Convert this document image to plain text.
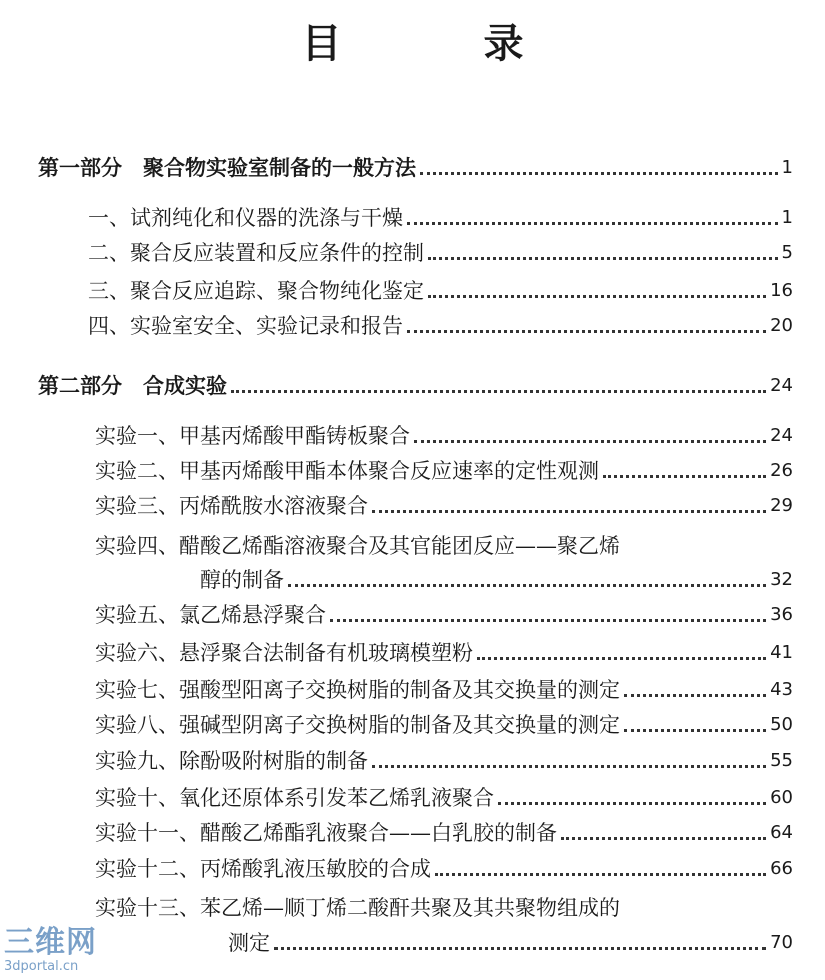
目 录
第一部分　聚合物实验室制备的一般方法	1
一、试剂纯化和仪器的洗涤与干燥	1
二、聚合反应装置和反应条件的控制	5
三、聚合反应追踪、聚合物纯化鉴定	16
四、实验室安全、实验记录和报告	20
第二部分　合成实验	24
实验一、甲基丙烯酸甲酯铸板聚合	24
实验二、甲基丙烯酸甲酯本体聚合反应速率的定性观测	26
实验三、丙烯酰胺水溶液聚合	29
实验四、醋酸乙烯酯溶液聚合及其官能团反应——聚乙烯
醇的制备	32
实验五、氯乙烯悬浮聚合	36
实验六、悬浮聚合法制备有机玻璃模塑粉	41
实验七、强酸型阳离子交换树脂的制备及其交换量的测定	43
实验八、强碱型阴离子交换树脂的制备及其交换量的测定	50
实验九、除酚吸附树脂的制备	55
实验十、氧化还原体系引发苯乙烯乳液聚合	60
实验十一、醋酸乙烯酯乳液聚合——白乳胶的制备	64
实验十二、丙烯酸乳液压敏胶的合成	66
实验十三、苯乙烯—顺丁烯二酸酐共聚及其共聚物组成的
测定	70
三维网
3dportal.cn
